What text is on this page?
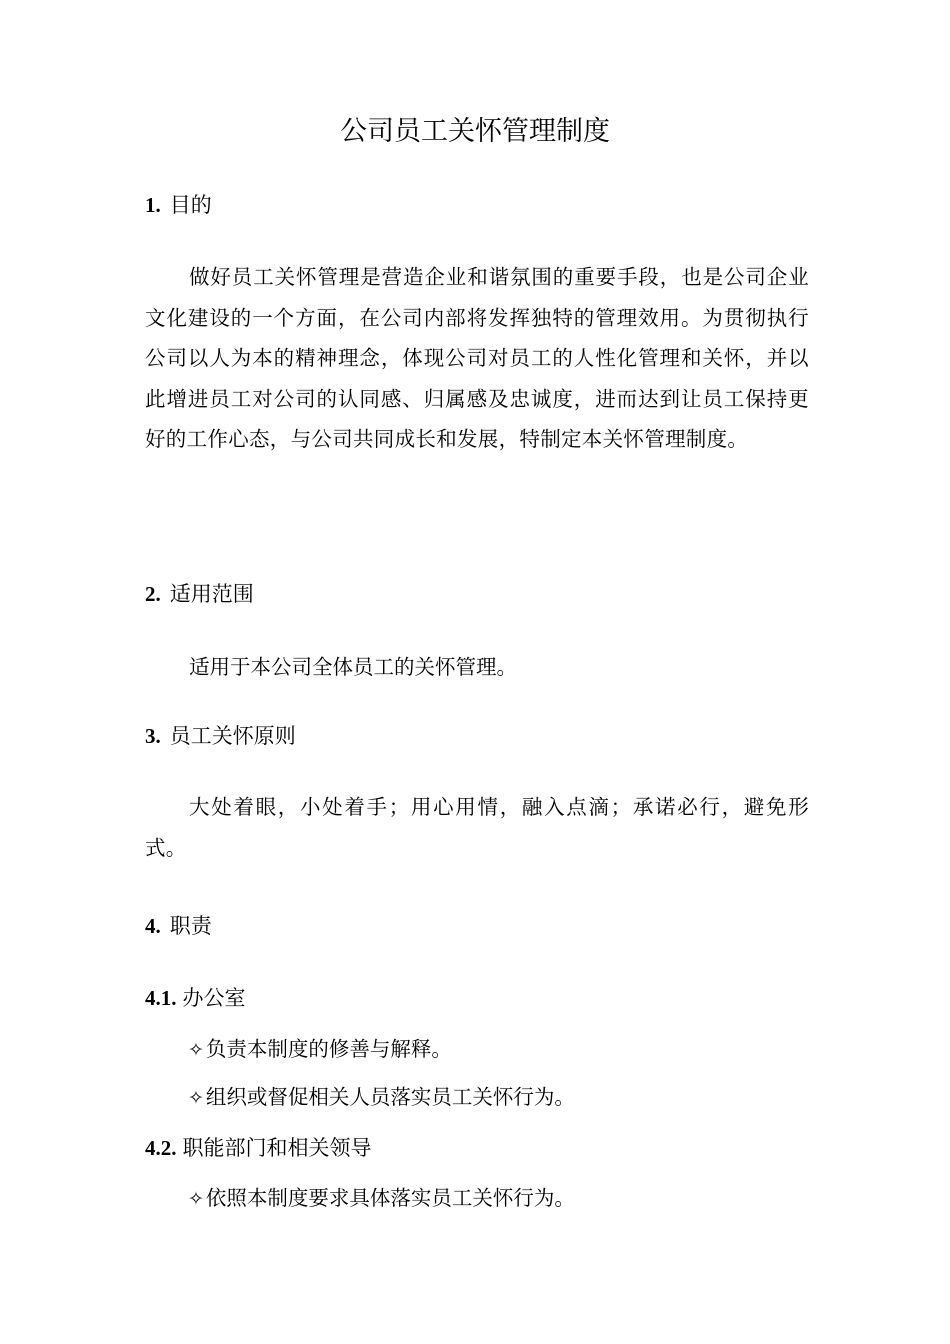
公司员工关怀管理制度
1. 目的

做好员工关怀管理是营造企业和谐氛围的重要手段，也是公司企业文化建设的一个方面，在公司内部将发挥独特的管理效用。为贯彻执行公司以人为本的精神理念，体现公司对员工的人性化管理和关怀，并以此增进员工对公司的认同感、归属感及忠诚度，进而达到让员工保持更好的工作心态，与公司共同成长和发展，特制定本关怀管理制度。

2. 适用范围

适用于本公司全体员工的关怀管理。

3. 员工关怀原则

大处着眼，小处着手；用心用情，融入点滴；承诺必行，避免形式。

4. 职责
4.1. 办公室
✧负责本制度的修善与解释。
✧组织或督促相关人员落实员工关怀行为。
4.2. 职能部门和相关领导
✧依照本制度要求具体落实员工关怀行为。
